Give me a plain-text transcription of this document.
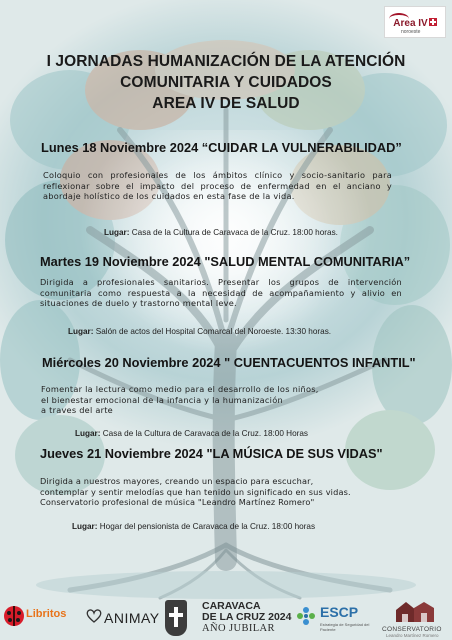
Area IV
noroeste
I JORNADAS HUMANIZACIÓN DE LA ATENCIÓN
COMUNITARIA Y CUIDADOS
AREA IV DE SALUD
Lunes 18 Noviembre 2024 “CUIDAR LA VULNERABILIDAD”
Coloquio con profesionales de los ámbitos clínico y socio-sanitario para reflexionar sobre el impacto del proceso de enfermedad en el anciano y abordaje holístico de los cuidados en esta fase de la vida.
Lugar: Casa de la Cultura de Caravaca de la Cruz. 18:00 horas.
Martes 19 Noviembre 2024 "SALUD MENTAL COMUNITARIA”
Dirigida a profesionales sanitarios. Presentar los grupos de intervención comunitaria como respuesta a la necesidad de acompañamiento y alivio en situaciones de duelo y trastorno mental leve.
Lugar: Salón de actos del Hospital Comarcal del Noroeste. 13:30 horas.
Miércoles 20 Noviembre 2024 " CUENTACUENTOS INFANTIL"
Fomentar la lectura como medio para el desarrollo de los niños,
el bienestar emocional de la infancia y la humanización
a traves del arte
Lugar: Casa de la Cultura de Caravaca de la Cruz. 18:00 Horas
Jueves 21 Noviembre 2024 "LA MÚSICA DE SUS VIDAS"
Dirigida a nuestros mayores, creando un espacio para escuchar,
contemplar y sentir melodías que han tenido un significado en sus vidas.
Conservatorio profesional de música "Leandro Martínez Romero"
Lugar: Hogar del pensionista de Caravaca de la Cruz. 18:00 horas
Libritos	ANIMAY
CARAVACA
DE LA CRUZ 2024
AÑO JUBILAR
ESCP
Estrategia de Seguridad del Paciente	CONSERVATORIO
Leandro Martínez Romero
